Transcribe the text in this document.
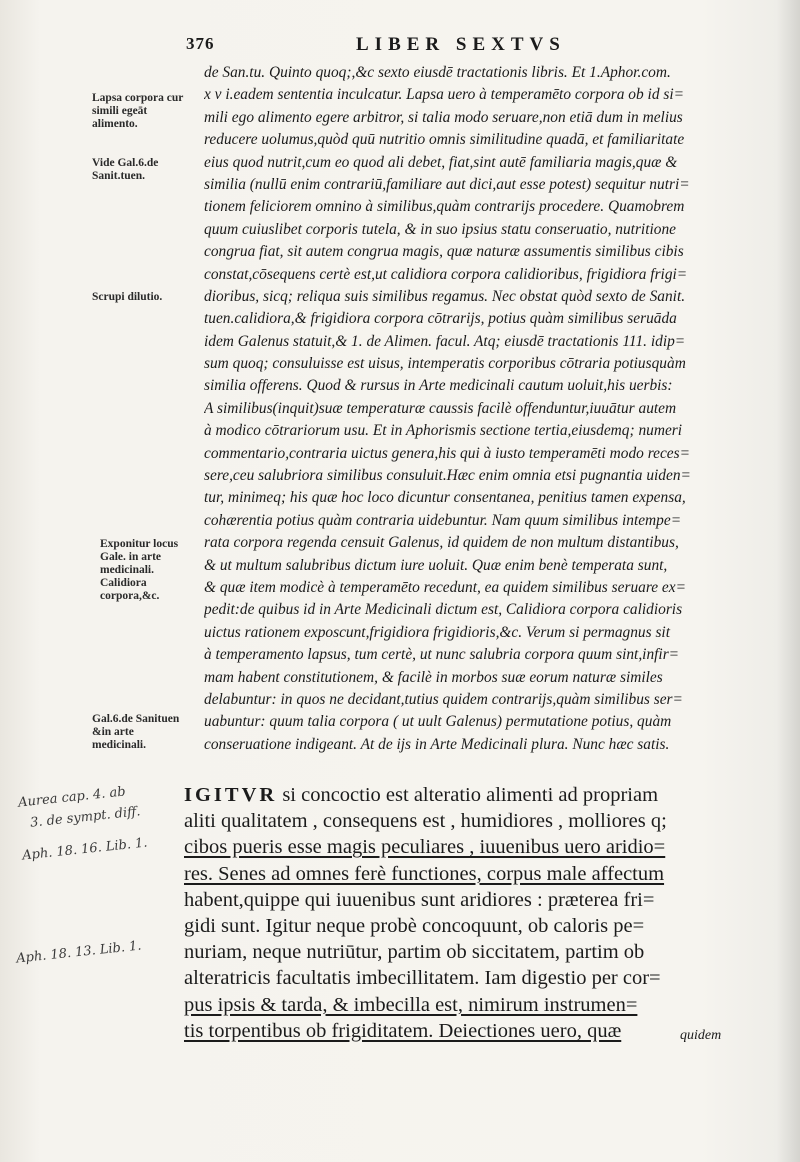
376	LIBER SEXTVS
Lapsa corpora cur simili egeāt alimento.
Vide Gal.6.de Sanit.tuen.
Scrupi dilutio.
Exponitur locus Gale. in arte medicinali. Calidiora corpora,&c.
Gal.6.de Sanituen &in arte medicinali.
de San.tu. Quinto quoq;,&c sexto eiusdē tractationis libris. Et 1.Aphor.com.
x v i.eadem sententia inculcatur. Lapsa uero à temperamēto corpora ob id si=
mili ego alimento egere arbitror, si talia modo seruare,non etiā dum in melius
reducere uolumus,quòd quū nutritio omnis similitudine quadā, et familiaritate
eius quod nutrit,cum eo quod ali debet, fiat,sint autē familiaria magis,quæ &
similia (nullū enim contrariū,familiare aut dici,aut esse potest) sequitur nutri=
tionem feliciorem omnino à similibus,quàm contrarijs procedere. Quamobrem
quum cuiuslibet corporis tutela, & in suo ipsius statu conseruatio, nutritione
congrua fiat, sit autem congrua magis, quæ naturæ assumentis similibus cibis
constat,cōsequens certè est,ut calidiora corpora calidioribus, frigidiora frigi=
dioribus, sicq; reliqua suis similibus regamus. Nec obstat quòd sexto de Sanit.
tuen.calidiora,& frigidiora corpora cōtrarijs, potius quàm similibus seruāda
idem Galenus statuit,& 1. de Alimen. facul. Atq; eiusdē tractationis 111. idip=
sum quoq; consuluisse est uisus, intemperatis corporibus cōtraria potiusquàm
similia offerens. Quod & rursus in Arte medicinali cautum uoluit,his uerbis:
A similibus(inquit)suæ temperaturæ caussis facilè offenduntur,iuuātur autem
à modico cōtrariorum usu. Et in Aphorismis sectione tertia,eiusdemq; numeri
commentario,contraria uictus genera,his qui à iusto temperamēti modo reces=
sere,ceu salubriora similibus consuluit.Hæc enim omnia etsi pugnantia uiden=
tur, minimeq; his quæ hoc loco dicuntur consentanea, penitius tamen expensa,
cohærentia potius quàm contraria uidebuntur. Nam quum similibus intempe=
rata corpora regenda censuit Galenus, id quidem de non multum distantibus,
& ut multum salubribus dictum iure uoluit. Quæ enim benè temperata sunt,
& quæ item modicè à temperamēto recedunt, ea quidem similibus seruare ex=
pedit:de quibus id in Arte Medicinali dictum est, Calidiora corpora calidioris
uictus rationem exposcunt,frigidiora frigidioris,&c. Verum si permagnus sit
à temperamento lapsus, tum certè, ut nunc salubria corpora quum sint,infir=
mam habent constitutionem, & facilè in morbos suæ eorum naturæ similes
delabuntur: in quos ne decidant,tutius quidem contrarijs,quàm similibus ser=
uabuntur: quum talia corpora ( ut uult Galenus) permutatione potius, quàm
conseruatione indigeant. At de ijs in Arte Medicinali plura. Nunc hæc satis.
Aurea cap. 4. ab
3. de sympt. diff.
Aph. 18. 16. Lib. 1.
Aph. 18. 13. Lib. 1.
IGITVR si concoctio est alteratio alimenti ad propriam
aliti qualitatem , consequens est , humidiores , molliores q;
cibos pueris esse magis peculiares , iuuenibus uero aridio=
res. Senes ad omnes ferè functiones, corpus male affectum
habent,quippe qui iuuenibus sunt aridiores : præterea fri=
gidi sunt. Igitur neque probè concoquunt, ob caloris pe=
nuriam, neque nutriūtur, partim ob siccitatem, partim ob
alteratricis facultatis imbecillitatem. Iam digestio per cor=
pus ipsis & tarda, & imbecilla est, nimirum instrumen=
tis torpentibus ob frigiditatem. Deiectiones uero, quæ	quidem
